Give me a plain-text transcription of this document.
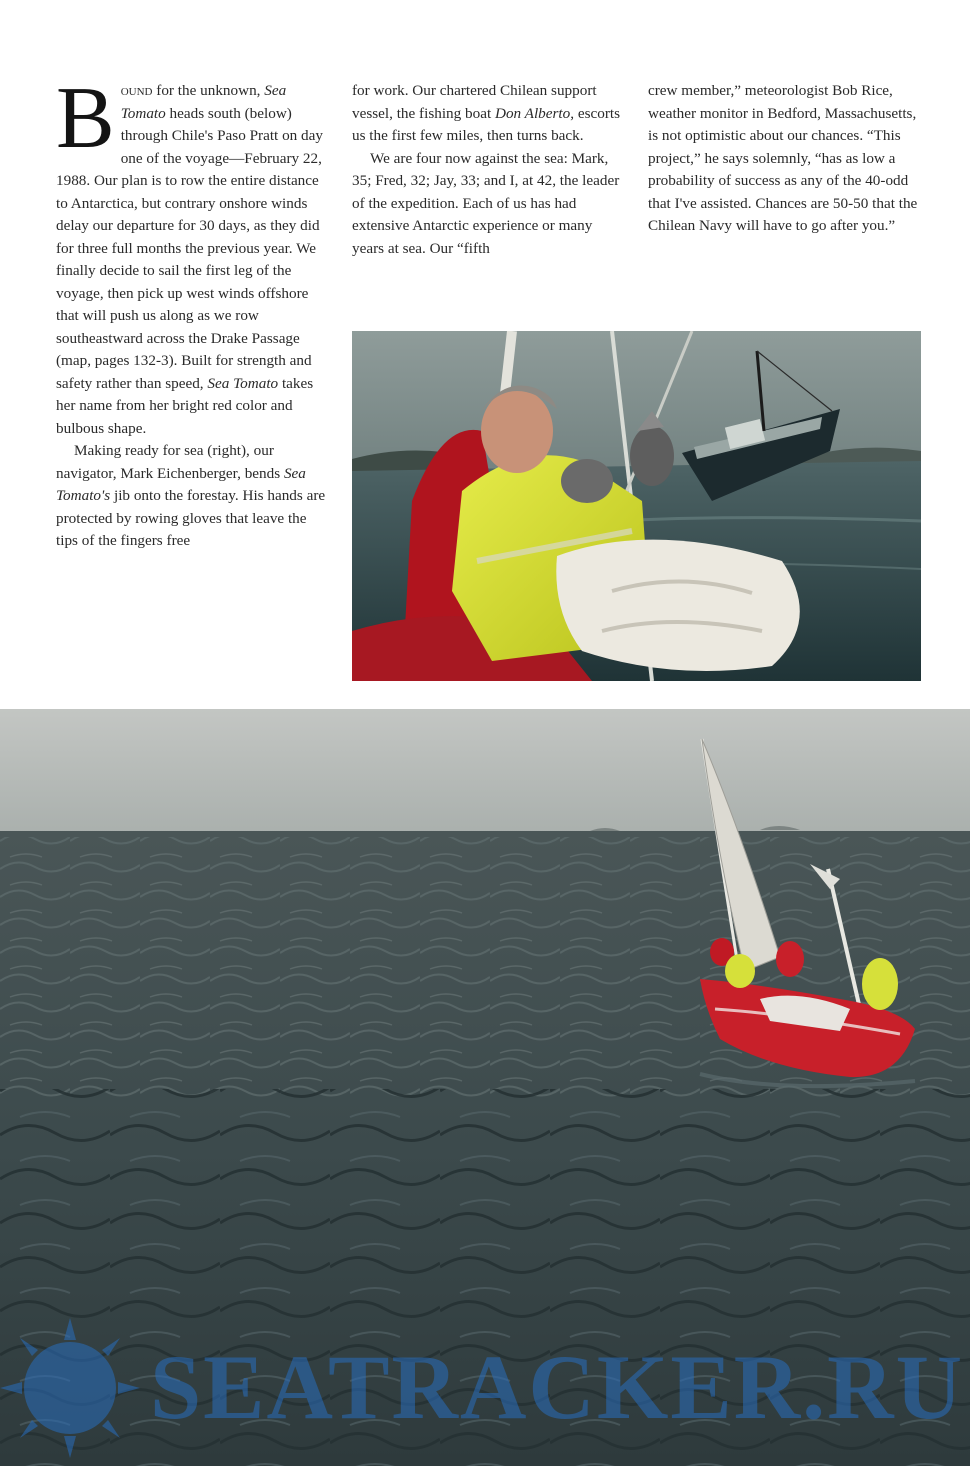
Bound for the unknown, Sea Tomato heads south (below) through Chile's Paso Pratt on day one of the voyage—February 22, 1988. Our plan is to row the entire distance to Antarctica, but contrary onshore winds delay our departure for 30 days, as they did for three full months the previous year. We finally decide to sail the first leg of the voyage, then pick up west winds offshore that will push us along as we row southeastward across the Drake Passage (map, pages 132-3). Built for strength and safety rather than speed, Sea Tomato takes her name from her bright red color and bulbous shape.

Making ready for sea (right), our navigator, Mark Eichenberger, bends Sea Tomato's jib onto the forestay. His hands are protected by rowing gloves that leave the tips of the fingers free

for work. Our chartered Chilean support vessel, the fishing boat Don Alberto, escorts us the first few miles, then turns back.

We are four now against the sea: Mark, 35; Fred, 32; Jay, 33; and I, at 42, the leader of the expedition. Each of us has had extensive Antarctic experience or many years at sea. Our “fifth

crew member,” meteorologist Bob Rice, weather monitor in Bedford, Massachusetts, is not optimistic about our chances. “This project,” he says solemnly, “has as low a probability of success as any of the 40-odd that I've assisted. Chances are 50-50 that the Chilean Navy will have to go after you.”

SEATRACKER.RU
